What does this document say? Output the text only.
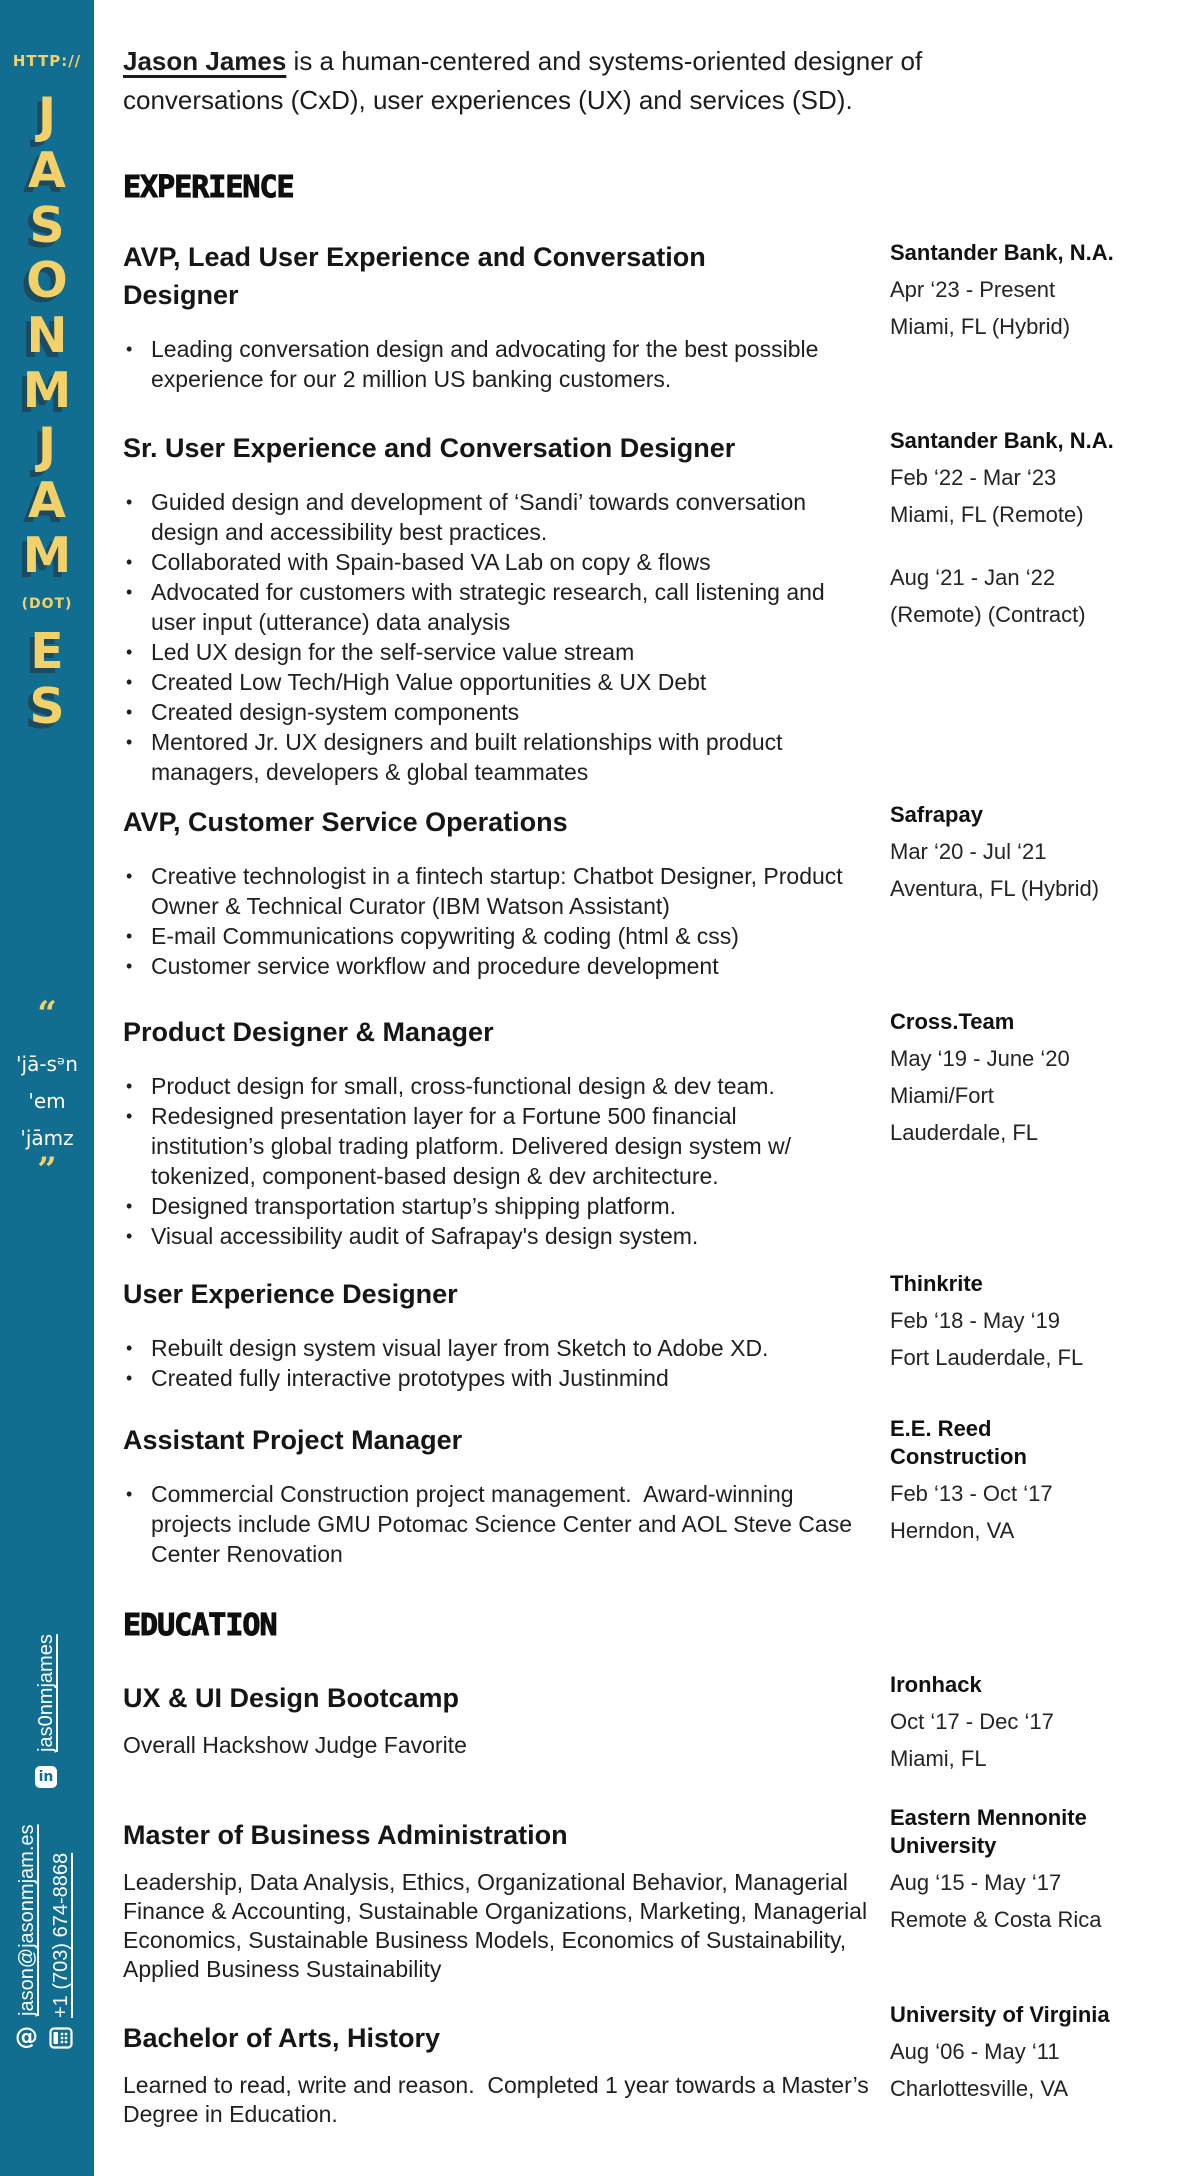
HTTP://
J
A
S
O
N
M
J
A
M
(DOT)
E
S
“
'jā-sᵊn
'em
'jāmz
”
jas0nmjames
in
jason@jasonmjam.es
@
+1 (703) 674-8868
Jason James is a human-centered and systems-oriented designer of conversations (CxD), user experiences (UX) and services (SD).
EXPERIENCE
AVP, Lead User Experience and Conversation Designer
• Leading conversation design and advocating for the best possible experience for our 2 million US banking customers.
Santander Bank, N.A.
Apr ‘23 - Present
Miami, FL (Hybrid)
Sr. User Experience and Conversation Designer
• Guided design and development of ‘Sandi’ towards conversation design and accessibility best practices.
• Collaborated with Spain-based VA Lab on copy & flows
• Advocated for customers with strategic research, call listening and user input (utterance) data analysis
• Led UX design for the self-service value stream
• Created Low Tech/High Value opportunities & UX Debt
• Created design-system components
• Mentored Jr. UX designers and built relationships with product managers, developers & global teammates
Santander Bank, N.A.
Feb ‘22 - Mar ‘23
Miami, FL (Remote)
Aug ‘21 - Jan ‘22
(Remote) (Contract)
AVP, Customer Service Operations
• Creative technologist in a fintech startup: Chatbot Designer, Product Owner & Technical Curator (IBM Watson Assistant)
• E-mail Communications copywriting & coding (html & css)
• Customer service workflow and procedure development
Safrapay
Mar ‘20 - Jul ‘21
Aventura, FL (Hybrid)
Product Designer & Manager
• Product design for small, cross-functional design & dev team.
• Redesigned presentation layer for a Fortune 500 financial institution’s global trading platform. Delivered design system w/ tokenized, component-based design & dev architecture.
• Designed transportation startup’s shipping platform.
• Visual accessibility audit of Safrapay's design system.
Cross.Team
May ‘19 - June ‘20
Miami/Fort
Lauderdale, FL
User Experience Designer
• Rebuilt design system visual layer from Sketch to Adobe XD.
• Created fully interactive prototypes with Justinmind
Thinkrite
Feb ‘18 - May ‘19
Fort Lauderdale, FL
Assistant Project Manager
• Commercial Construction project management.  Award-winning projects include GMU Potomac Science Center and AOL Steve Case Center Renovation
E.E. Reed
Construction
Feb ‘13 - Oct ‘17
Herndon, VA
EDUCATION
UX & UI Design Bootcamp
Overall Hackshow Judge Favorite
Ironhack
Oct ‘17 - Dec ‘17
Miami, FL
Master of Business Administration
Leadership, Data Analysis, Ethics, Organizational Behavior, Managerial Finance & Accounting, Sustainable Organizations, Marketing, Managerial Economics, Sustainable Business Models, Economics of Sustainability, Applied Business Sustainability
Eastern Mennonite
University
Aug ‘15 - May ‘17
Remote & Costa Rica
Bachelor of Arts, History
Learned to read, write and reason.  Completed 1 year towards a Master’s Degree in Education.
University of Virginia
Aug ‘06 - May ‘11
Charlottesville, VA
